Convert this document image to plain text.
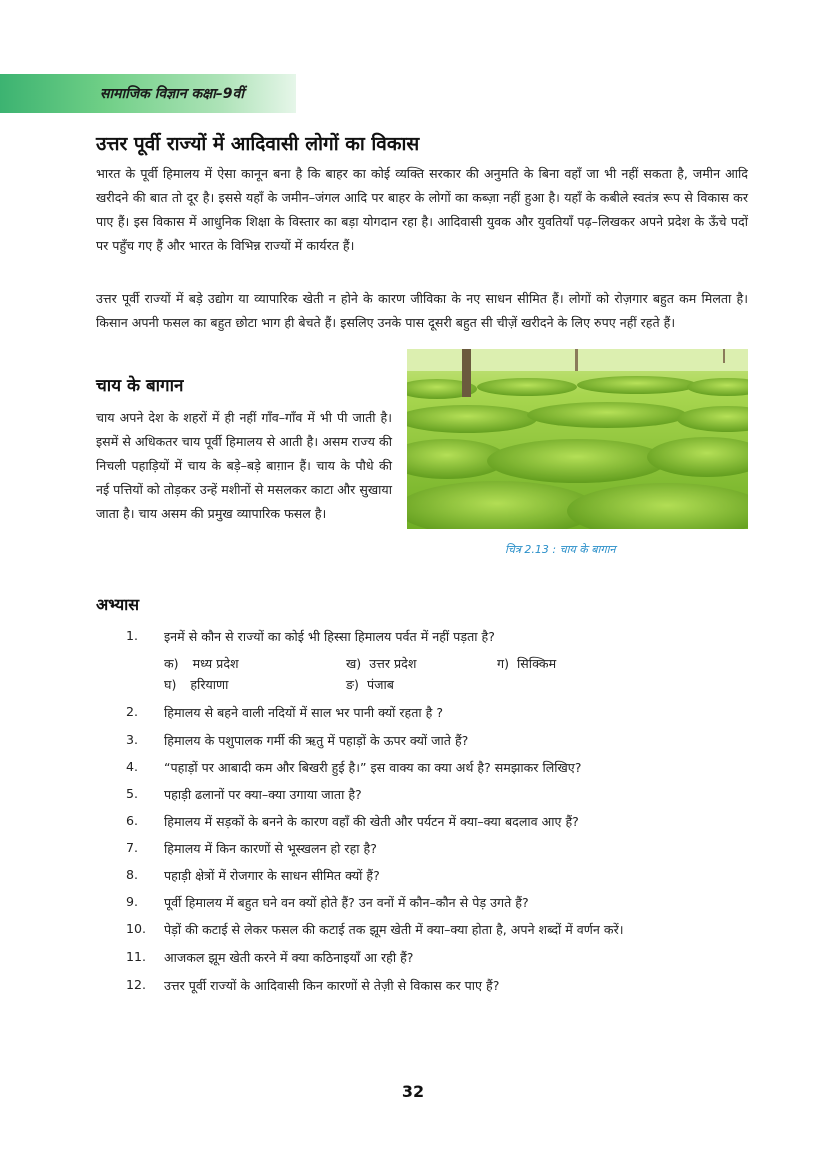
सामाजिक विज्ञान कक्षा–9वीं
उत्तर पूर्वी राज्यों में आदिवासी लोगों का विकास

भारत के पूर्वी हिमालय में ऐसा कानून बना है कि बाहर का कोई व्यक्ति सरकार की अनुमति के बिना वहाँ जा भी नहीं सकता है, जमीन आदि खरीदने की बात तो दूर है। इससे यहाँ के जमीन–जंगल आदि पर बाहर के लोगों का कब्ज़ा नहीं हुआ है। यहाँ के कबीले स्वतंत्र रूप से विकास कर पाए हैं। इस विकास में आधुनिक शिक्षा के विस्तार का बड़ा योगदान रहा है। आदिवासी युवक और युवतियाँ पढ़–लिखकर अपने प्रदेश के ऊँचे पदों पर पहुँच गए हैं और भारत के विभिन्न राज्यों में कार्यरत हैं।

उत्तर पूर्वी राज्यों में बड़े उद्योग या व्यापारिक खेती न होने के कारण जीविका के नए साधन सीमित हैं। लोगों को रोज़गार बहुत कम मिलता है। किसान अपनी फसल का बहुत छोटा भाग ही बेचते हैं। इसलिए उनके पास दूसरी बहुत सी चीज़ें खरीदने के लिए रुपए नहीं रहते हैं।

चित्र 2.13 : चाय के बागान
चाय के बागान

चाय अपने देश के शहरों में ही नहीं गाँव–गाँव में भी पी जाती है। इसमें से अधिकतर चाय पूर्वी हिमालय से आती है। असम राज्य की निचली पहाड़ियों में चाय के बड़े–बड़े बाग़ान हैं। चाय के पौधे की नई पत्तियों को तोड़कर उन्हें मशीनों से मसलकर काटा और सुखाया जाता है। चाय असम की प्रमुख व्यापारिक फसल है।

अभ्यास
1. इनमें से कौन से राज्यों का कोई भी हिस्सा हिमालय पर्वत में नहीं पड़ता है?
क) मध्य प्रदेश	ख) उत्तर प्रदेश	ग) सिक्किम
घ) हरियाणा	ङ) पंजाब
2. हिमालय से बहने वाली नदियों में साल भर पानी क्यों रहता है ?
3. हिमालय के पशुपालक गर्मी की ऋतु में पहाड़ों के ऊपर क्यों जाते हैं?
4. “पहाड़ों पर आबादी कम और बिखरी हुई है।” इस वाक्य का क्या अर्थ है? समझाकर लिखिए?
5. पहाड़ी ढलानों पर क्या–क्या उगाया जाता है?
6. हिमालय में सड़कों के बनने के कारण वहाँ की खेती और पर्यटन में क्या–क्या बदलाव आए हैं?
7. हिमालय में किन कारणों से भूस्खलन हो रहा है?
8. पहाड़ी क्षेत्रों में रोजगार के साधन सीमित क्यों हैं?
9. पूर्वी हिमालय में बहुत घने वन क्यों होते हैं? उन वनों में कौन–कौन से पेड़ उगते हैं?
10. पेड़ों की कटाई से लेकर फसल की कटाई तक झूम खेती में क्या–क्या होता है, अपने शब्दों में वर्णन करें।
11. आजकल झूम खेती करने में क्या कठिनाइयाँ आ रही हैं?
12. उत्तर पूर्वी राज्यों के आदिवासी किन कारणों से तेज़ी से विकास कर पाए हैं?
32
